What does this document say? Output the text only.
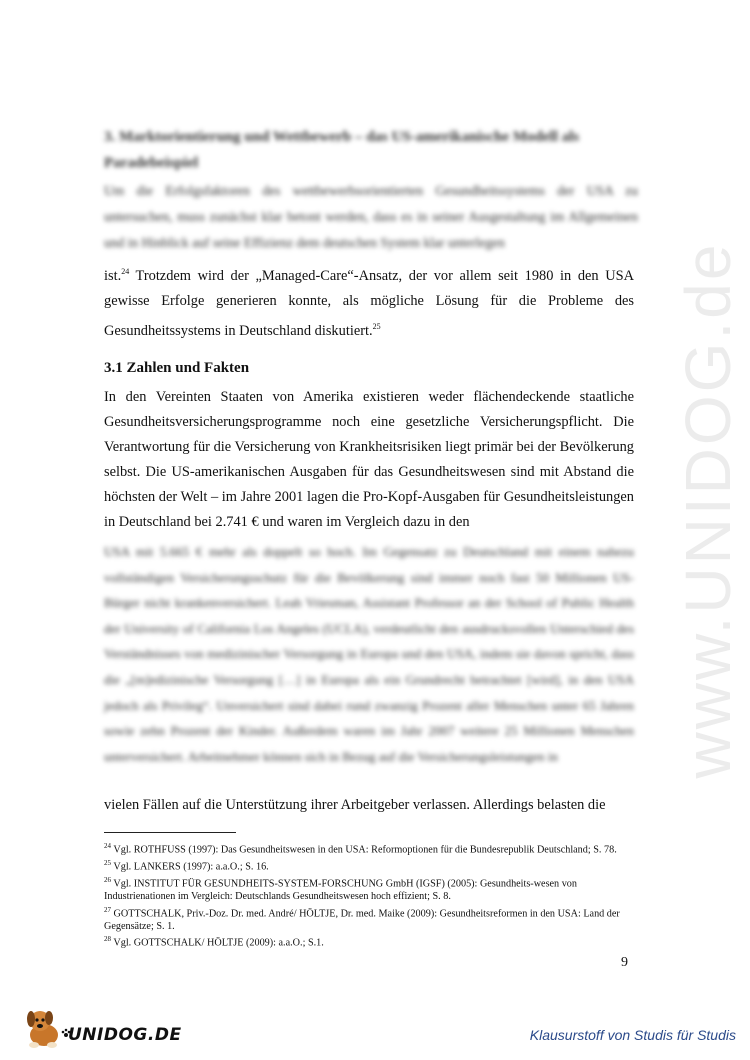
3. Marktorientierung und Wettbewerb – das US-amerikanische Modell als Paradebeispiel
Um die Erfolgsfaktoren des wettbewerbsorientierten Gesundheitssystems der USA zu untersuchen, muss zunächst klar betont werden, dass es in seiner Ausgestaltung im Allgemeinen und in Hinblick auf seine Effizienz dem deutschen System klar unterlegen
ist.$^{24}$ Trotzdem wird der „Managed-Care“-Ansatz, der vor allem seit 1980 in den USA gewisse Erfolge generieren konnte, als mögliche Lösung für die Probleme des Gesundheitssystems in Deutschland diskutiert.$^{25}$
3.1 Zahlen und Fakten
In den Vereinten Staaten von Amerika existieren weder flächendeckende staatliche Gesundheitsversicherungsprogramme noch eine gesetzliche Versicherungspflicht. Die Verantwortung für die Versicherung von Krankheitsrisiken liegt primär bei der Bevölkerung selbst. Die US-amerikanischen Ausgaben für das Gesundheitswesen sind mit Abstand die höchsten der Welt – im Jahre 2001 lagen die Pro-Kopf-Ausgaben für Gesundheitsleistungen in Deutschland bei 2.741 € und waren im Vergleich dazu in den
USA mit 5.665 € mehr als doppelt so hoch. Im Gegensatz zu Deutschland mit einem nahezu vollständigen Versicherungsschutz für die Bevölkerung sind immer noch fast 50 Millionen US-Bürger nicht krankenversichert. Leah Vriesman, Assistant Professor an der School of Public Health der University of California Los Angeles (UCLA), verdeutlicht den ausdrucksvollen Unterschied des Verständnisses von medizinischer Versorgung in Europa und den USA, indem sie davon spricht, dass die „[m]edizinische Versorgung […] in Europa als ein Grundrecht betrachtet [wird], in den USA jedoch als Privileg“. Unversichert sind dabei rund zwanzig Prozent aller Menschen unter 65 Jahren sowie zehn Prozent der Kinder. Außerdem waren im Jahr 2007 weitere 25 Millionen Menschen unterversichert. Arbeitnehmer können sich in Bezug auf die Versicherungsleistungen in
vielen Fällen auf die Unterstützung ihrer Arbeitgeber verlassen. Allerdings belasten die

$^{24}$ Vgl. ROTHFUSS (1997): Das Gesundheitswesen in den USA: Reformoptionen für die Bundesrepublik Deutschland; S. 78.

$^{25}$ Vgl. LANKERS (1997): a.a.O.; S. 16.

$^{26}$ Vgl. INSTITUT FÜR GESUNDHEITS-SYSTEM-FORSCHUNG GmbH (IGSF) (2005): Gesundheits-wesen von Industrienationen im Vergleich: Deutschlands Gesundheitswesen hoch effizient; S. 8.

$^{27}$ GOTTSCHALK, Priv.-Doz. Dr. med. André/ HÖLTJE, Dr. med. Maike (2009): Gesundheitsreformen in den USA: Land der Gegensätze; S. 1.

$^{28}$ Vgl. GOTTSCHALK/ HÖLTJE (2009): a.a.O.; S.1.

9
www.UNIDOG.de
UNIDOG.DE	Klausurstoff von Studis für Studis
